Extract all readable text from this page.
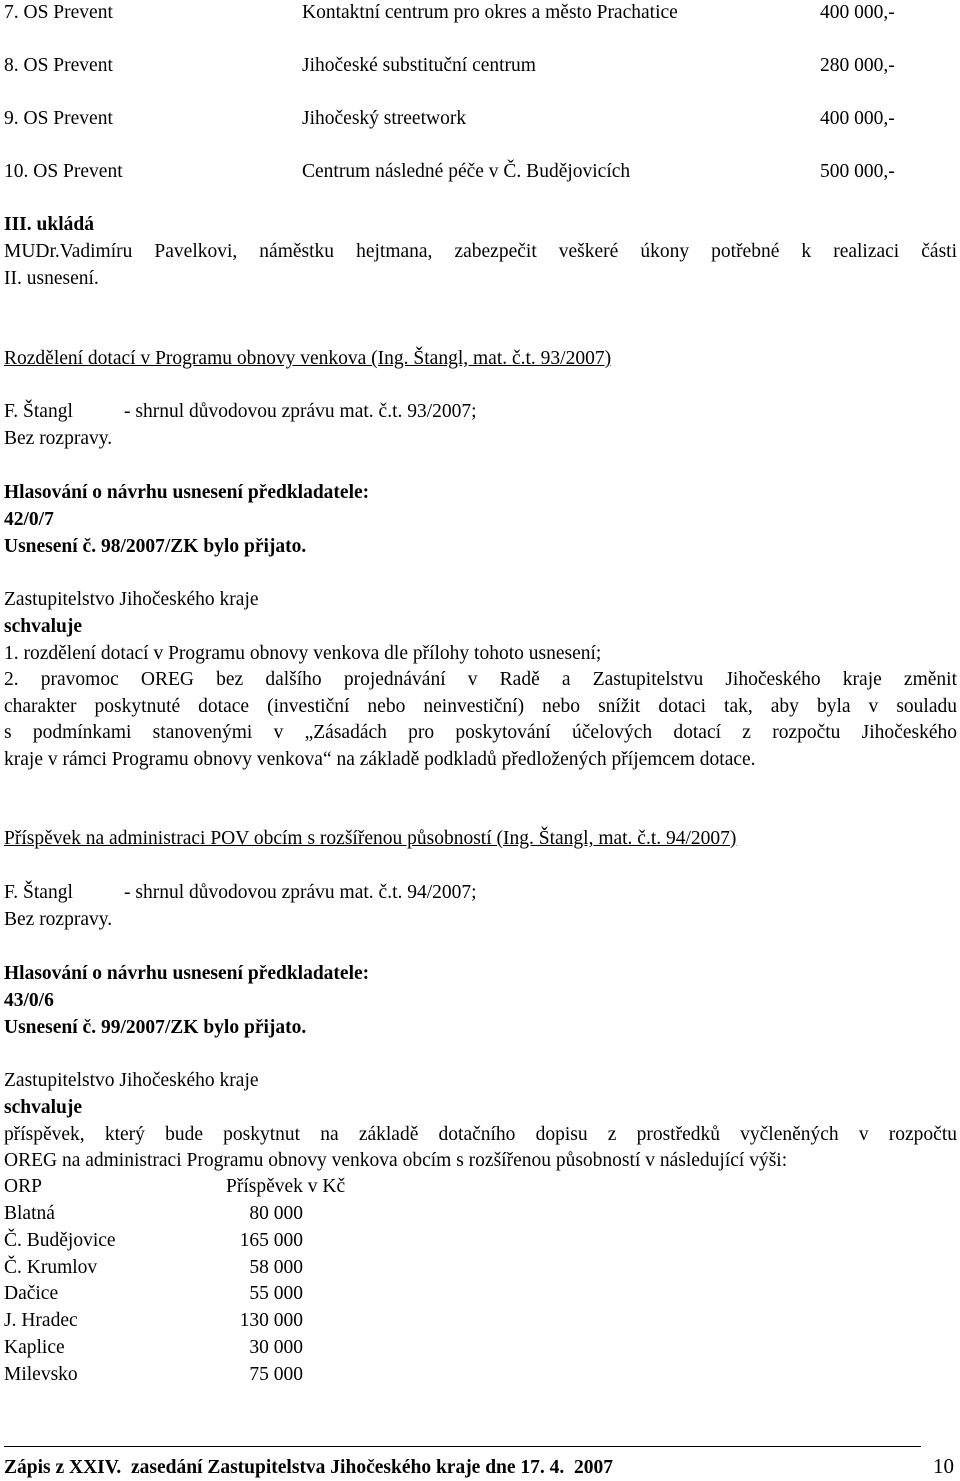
7. OS Prevent	Kontaktní centrum pro okres a město Prachatice	400 000,-
8. OS Prevent	Jihočeské substituční centrum	280 000,-
9. OS Prevent	Jihočeský streetwork	400 000,-
10. OS Prevent	Centrum následné péče v Č. Budějovicích	500 000,-
III. ukládá
MUDr.Vadimíru Pavelkovi, náměstku hejtmana, zabezpečit veškeré úkony potřebné k realizaci části
II. usnesení.
Rozdělení dotací v Programu obnovy venkova (Ing. Štangl, mat. č.t. 93/2007)
F. Štangl	- shrnul důvodovou zprávu mat. č.t. 93/2007;
Bez rozpravy.
Hlasování o návrhu usnesení předkladatele:
42/0/7
Usnesení č. 98/2007/ZK bylo přijato.
Zastupitelstvo Jihočeského kraje
schvaluje
1. rozdělení dotací v Programu obnovy venkova dle přílohy tohoto usnesení;
2. pravomoc OREG bez dalšího projednávání v Radě a Zastupitelstvu Jihočeského kraje změnit
charakter poskytnuté dotace (investiční nebo neinvestiční) nebo snížit dotaci tak, aby byla v souladu
s podmínkami stanovenými v „Zásadách pro poskytování účelových dotací z rozpočtu Jihočeského
kraje v rámci Programu obnovy venkova“ na základě podkladů předložených příjemcem dotace.
Příspěvek na administraci POV obcím s rozšířenou působností (Ing. Štangl, mat. č.t. 94/2007)
F. Štangl	- shrnul důvodovou zprávu mat. č.t. 94/2007;
Bez rozpravy.
Hlasování o návrhu usnesení předkladatele:
43/0/6
Usnesení č. 99/2007/ZK bylo přijato.
Zastupitelstvo Jihočeského kraje
schvaluje
příspěvek, který bude poskytnut na základě dotačního dopisu z prostředků vyčleněných v rozpočtu
OREG na administraci Programu obnovy venkova obcím s rozšířenou působností v následující výši:
ORP	Příspěvek v Kč
Blatná	80 000
Č. Budějovice	165 000
Č. Krumlov	58 000
Dačice	55 000
J. Hradec	130 000
Kaplice	30 000
Milevsko	75 000
Zápis z XXIV.  zasedání Zastupitelstva Jihočeského kraje dne 17. 4.  2007	10
